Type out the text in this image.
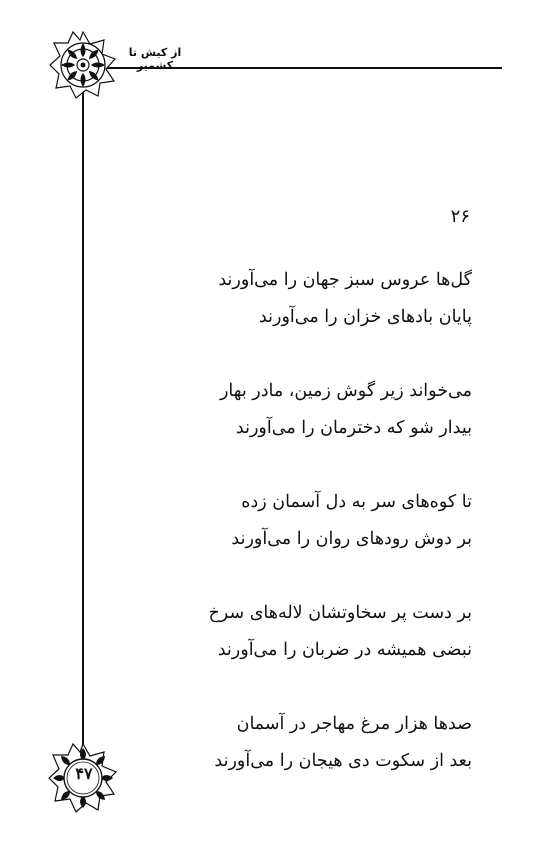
از کیش تا کشمیر
۲۶
گل‌ها عروس سبز جهان را می‌آورند
پایان بادهای خزان را می‌آورند
می‌خواند زیر گوش زمین، مادر بهار
بیدار شو که دخترمان را می‌آورند
تا کوه‌های سر به دل آسمان زده
بر دوش رودهای روان را می‌آورند
بر دست پر سخاوتشان لاله‌های سرخ
نبضی همیشه در ضربان را می‌آورند
صدها هزار مرغ مهاجر در آسمان
بعد از سکوت دی هیجان را می‌آورند
۴۷
